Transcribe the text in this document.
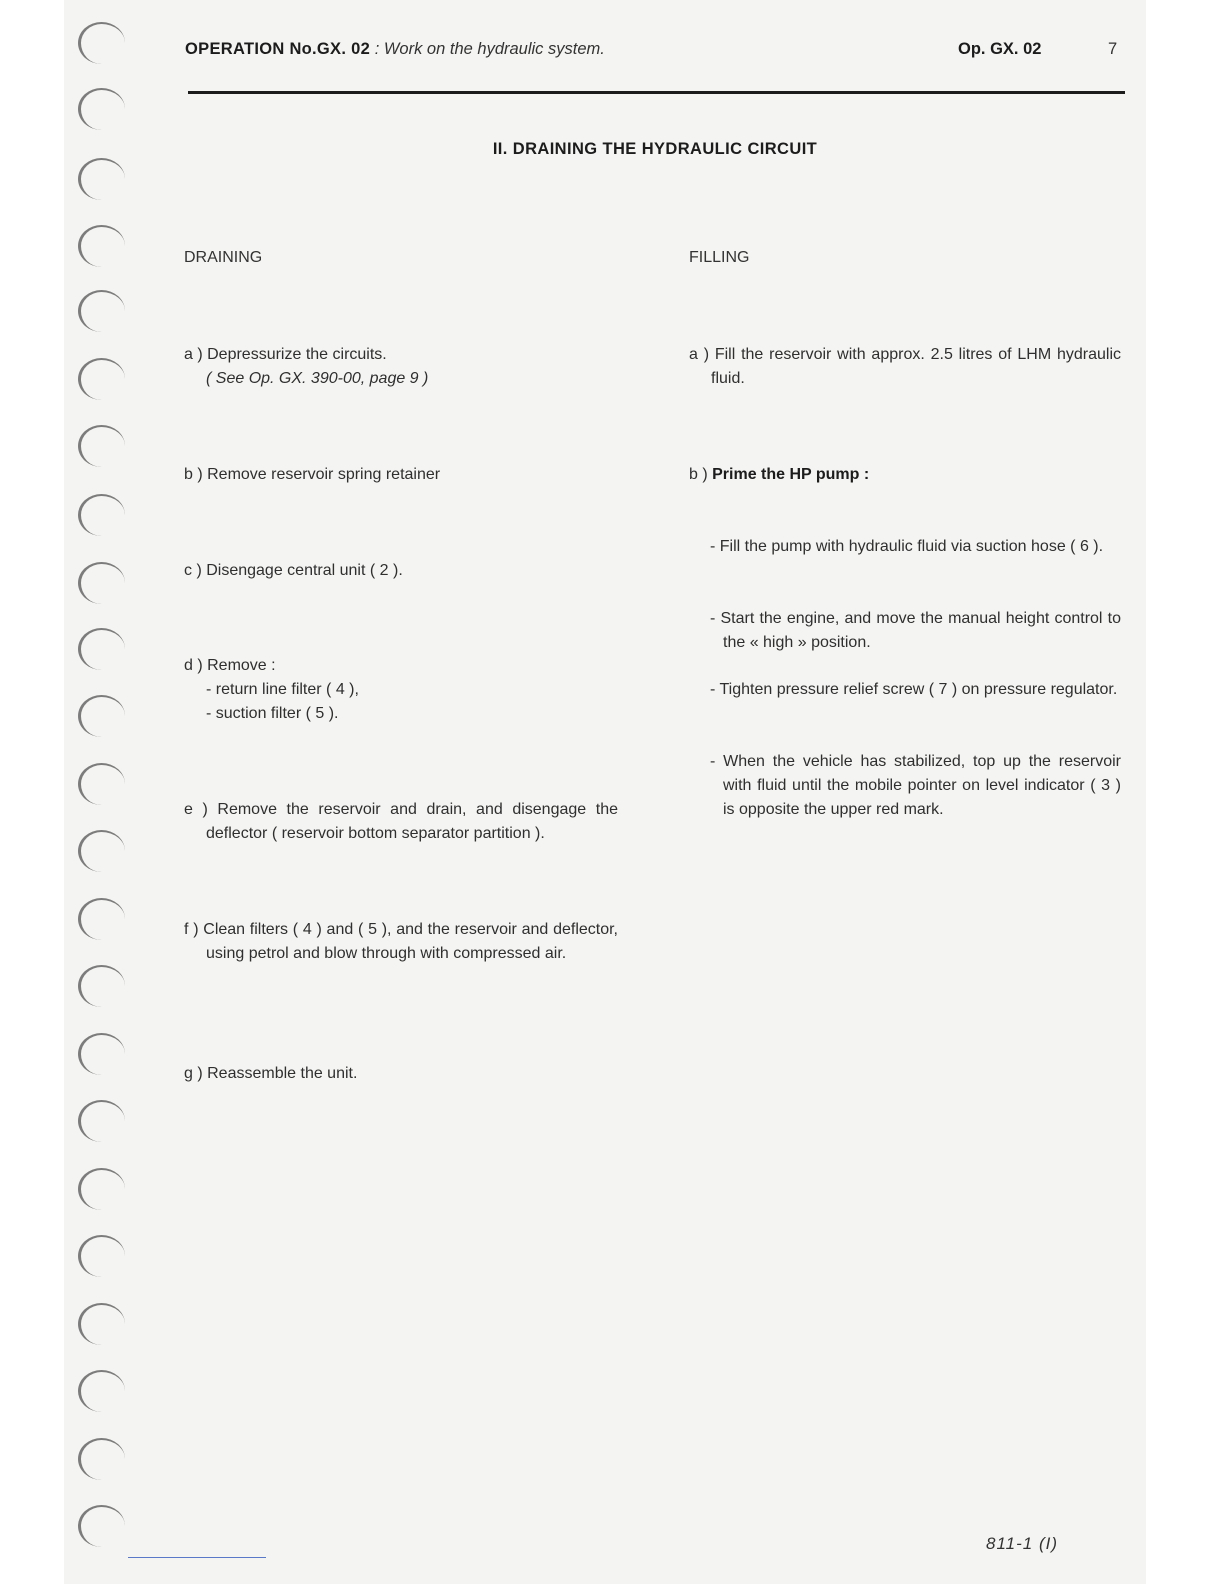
OPERATION No.GX. 02 : Work on the hydraulic system.	Op. GX. 02	7
II. DRAINING THE HYDRAULIC CIRCUIT
DRAINING
a ) Depressurize the circuits.
( See Op. GX. 390-00, page 9 )
b ) Remove reservoir spring retainer
c ) Disengage central unit ( 2 ).
d ) Remove :
- return line filter ( 4 ),
- suction filter ( 5 ).
e ) Remove the reservoir and drain, and disengage the deflector ( reservoir bottom separator partition ).
f ) Clean filters ( 4 ) and ( 5 ), and the reservoir and deflector, using petrol and blow through with compressed air.
g ) Reassemble the unit.
FILLING
a ) Fill the reservoir with approx. 2.5 litres of LHM hydraulic fluid.
b ) Prime the HP pump :
- Fill the pump with hydraulic fluid via suction hose ( 6 ).
- Start the engine, and move the manual height control to the « high » position.
- Tighten pressure relief screw ( 7 ) on pressure regulator.
- When the vehicle has stabilized, top up the reservoir with fluid until the mobile pointer on level indicator ( 3 ) is opposite the upper red mark.
811-1 (I)
